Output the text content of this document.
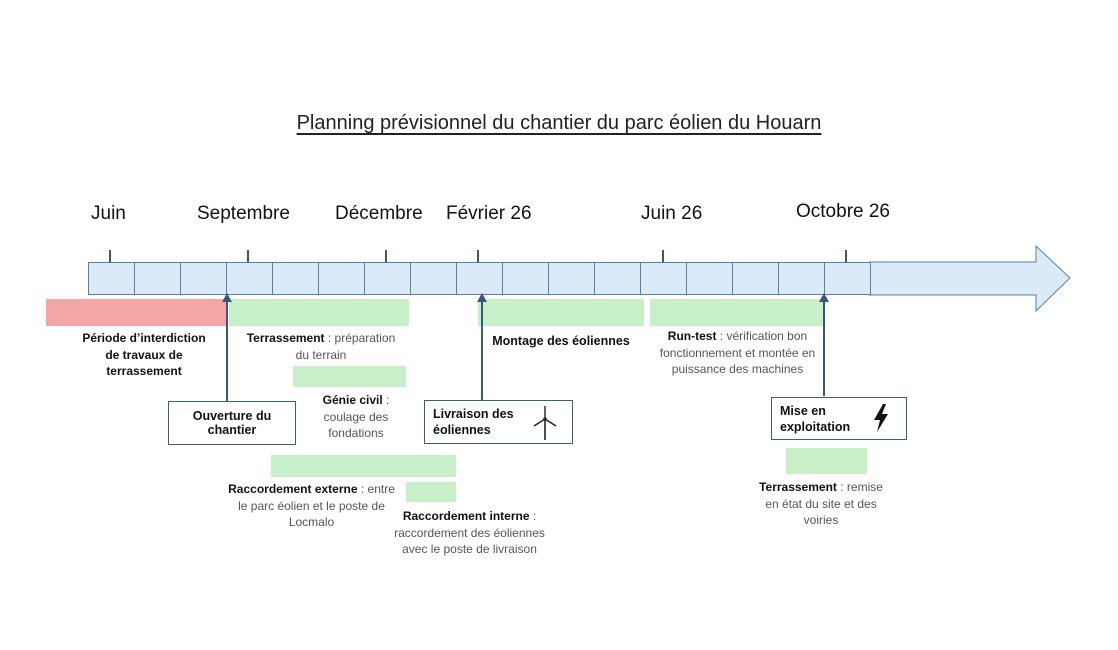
Planning prévisionnel du chantier du parc éolien du Houarn
Juin	Septembre Décembre Février 26	Juin 26	Octobre 26
Période d’interdiction de travaux de terrassement
Terrassement : préparation du terrain
Génie civil : coulage des fondations
Raccordement externe : entre le parc éolien et le poste de Locmalo	Raccordement interne : raccordement des éoliennes avec le poste de livraison
Montage des éoliennes	Run-test : vérification bon fonctionnement et montée en puissance des machines
Terrassement : remise en état du site et des voiries
Ouverture du chantier
Livraison des éoliennes
Mise en exploitation
